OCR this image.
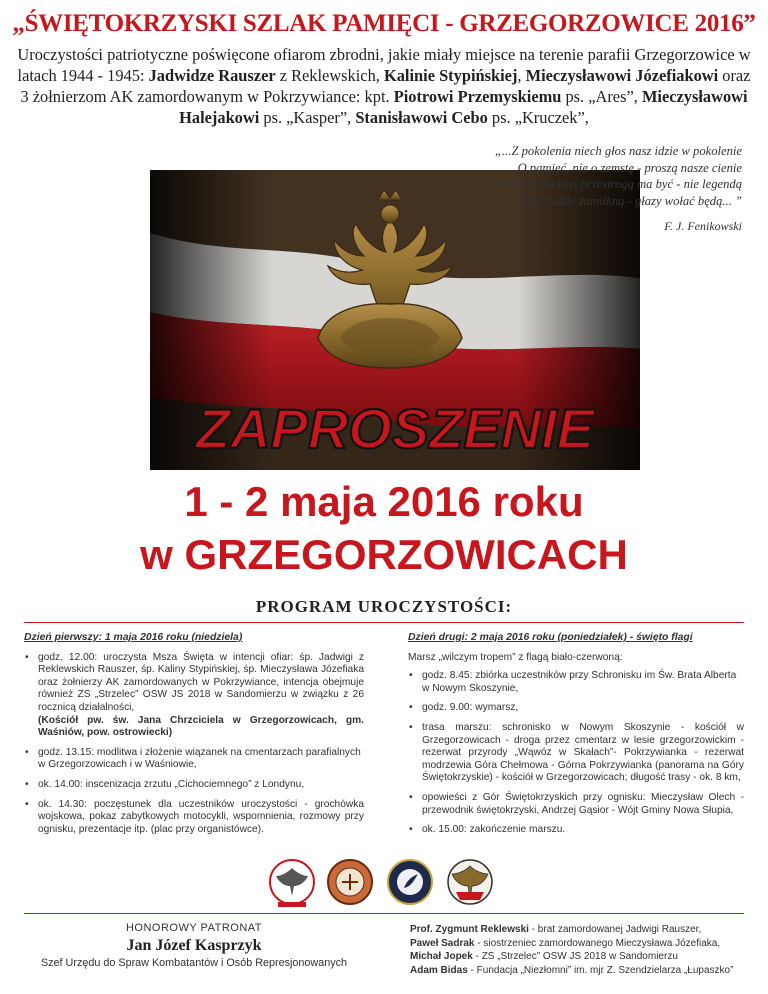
„ŚWIĘTOKRZYSKI SZLAK PAMIĘCI - GRZEGORZOWICE 2016”

Uroczystości patriotyczne poświęcone ofiarom zbrodni, jakie miały miejsce na terenie parafii Grzegorzowice w latach 1944 - 1945: Jadwidze Rauszer z Reklewskich, Kalinie Stypińskiej, Mieczysławowi Józefiakowi oraz 3 żołnierzom AK zamordowanym w Pokrzywiance: kpt. Piotrowi Przemyskiemu ps. „Ares”, Mieczysławowi Halejakowi ps. „Kasper”, Stanisławowi Cebo ps. „Kruczek”,

ZAPROSZENIE
1 - 2 maja 2016 roku
w GRZEGORZOWICACH
PROGRAM UROCZYSTOŚCI:
Dzień pierwszy: 1 maja 2016 roku (niedziela)
• godz. 12.00: uroczysta Msza Święta w intencji ofiar: śp. Jadwigi z Reklewskich Rauszer, śp. Kaliny Stypińskiej, śp. Mieczysława Józefiaka oraz żołnierzy AK zamordowanych w Pokrzywiance, intencja obejmuje również ZS „Strzelec” OSW JS 2018 w Sandomierzu w związku z 26 rocznicą działalności,
(Kościół pw. św. Jana Chrzciciela w Grzegorzowicach, gm. Waśniów, pow. ostrowiecki)
• godz. 13.15: modlitwa i złożenie wiązanek na cmentarzach parafialnych
w Grzegorzowicach i w Waśniowie,
• ok. 14.00: inscenizacja zrzutu „Cichociemnego” z Londynu,
• ok. 14.30: poczęstunek dla uczestników uroczystości - grochówka wojskowa, pokaz zabytkowych motocykli, wspomnienia, rozmowy przy ognisku, prezentacje itp. (plac przy organistówce).
Dzień drugi: 2 maja 2016 roku (poniedziałek) - święto flagi
Marsz „wilczym tropem” z flagą biało-czerwoną:
• godz. 8.45: zbiórka uczestników przy Schronisku im Św. Brata Alberta
w Nowym Skoszynie,
• godz. 9.00: wymarsz,
• trasa marszu: schronisko w Nowym Skoszynie - kościół w Grzegorzowicach - droga przez cmentarz w lesie grzegorzowickim - rezerwat przyrody „Wąwóz w Skałach”- Pokrzywianka - rezerwat modrzewia Góra Chełmowa - Górna Pokrzywianka (panorama na Góry Świętokrzyskie) - kościół w Grzegorzowicach; długość trasy - ok. 8 km,
• opowieści z Gór Świętokrzyskich przy ognisku: Mieczysław Olech - przewodnik świętokrzyski, Andrzej Gąsior - Wójt Gminy Nowa Słupia,
• ok. 15.00: zakończenie marszu.
„...Z pokolenia niech głos nasz idzie w pokolenie
O pamięć, nie o zemstę - proszą nasze cienie
Los nasz dla was przestrogą ma być - nie legendą
Jeśli ludzie zamilkną - głazy wołać będą... ”
F. J. Fenikowski
HONOROWY PATRONAT
Jan Józef Kasprzyk
Szef Urzędu do Spraw Kombatantów i Osób Represjonowanych
Prof. Zygmunt Reklewski - brat zamordowanej Jadwigi Rauszer,
Paweł Sadrak - siostrzeniec zamordowanego Mieczysława Józefiaka,
Michał Jopek - ZS „Strzelec” OSW JS 2018 w Sandomierzu
Adam Bidas - Fundacja „Niezłomni” im. mjr Z. Szendzielarza „Łupaszko”
